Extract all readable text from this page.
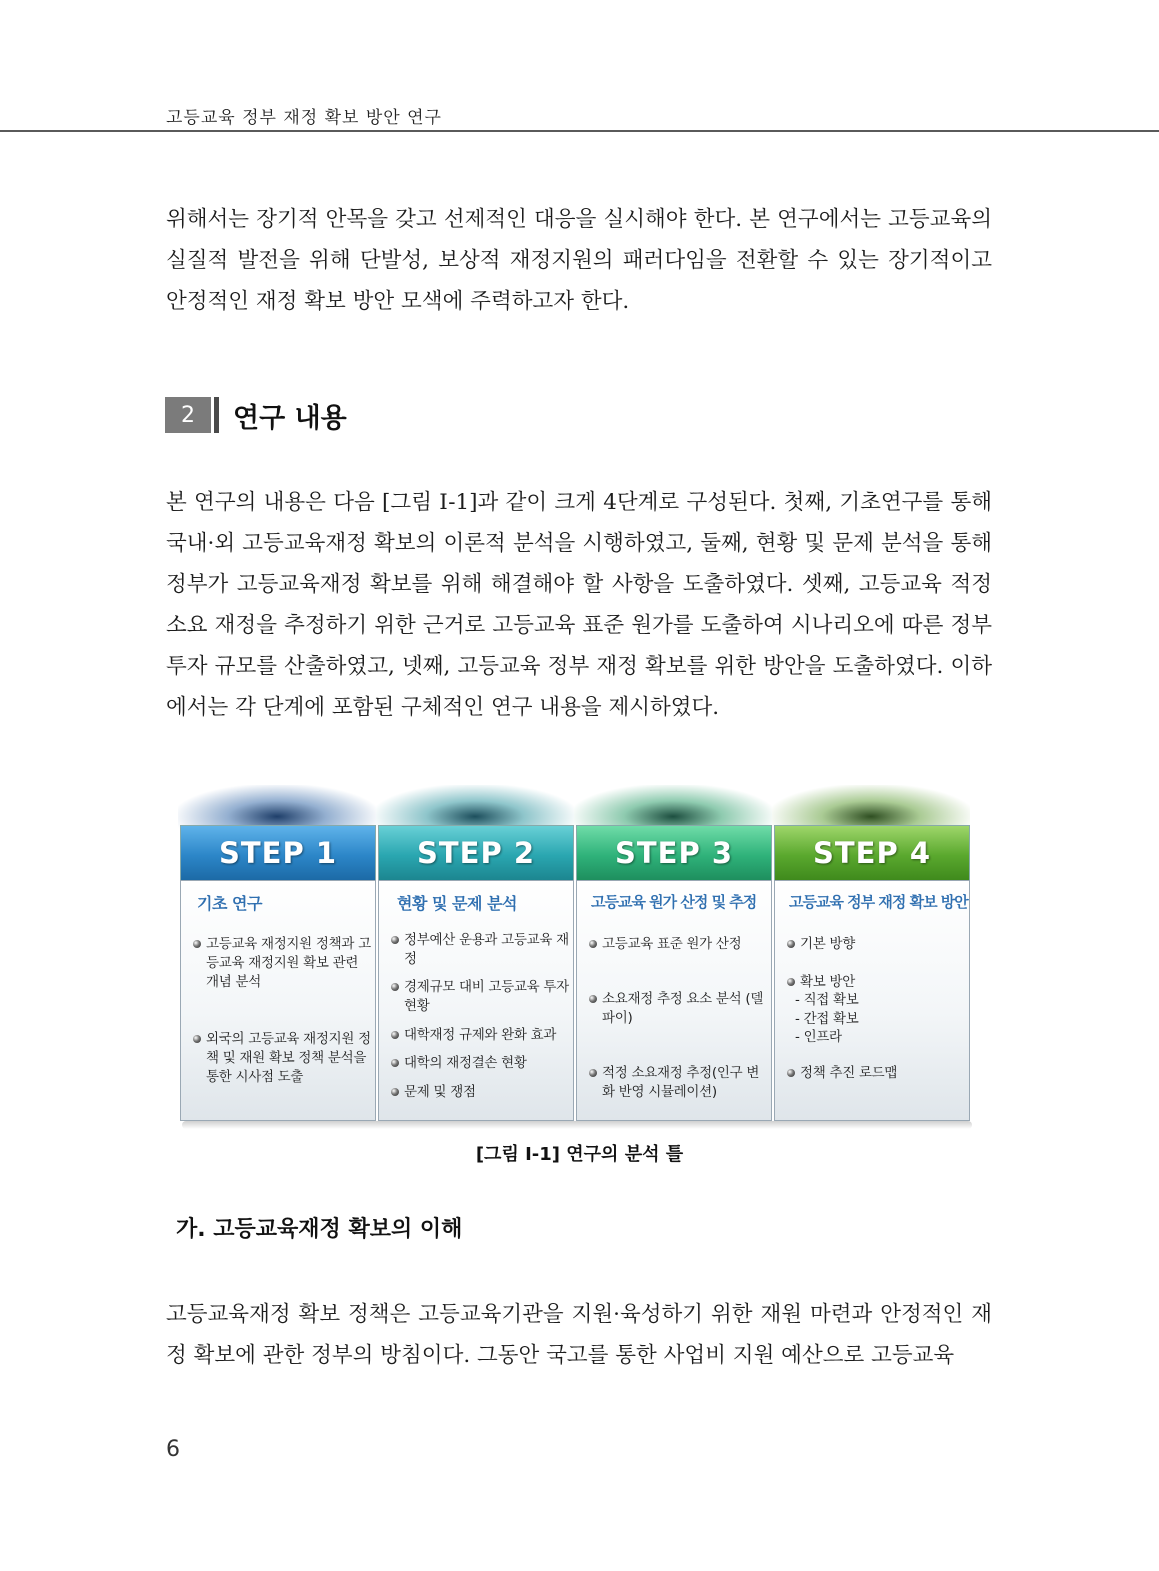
고등교육 정부 재정 확보 방안 연구

위해서는 장기적 안목을 갖고 선제적인 대응을 실시해야 한다. 본 연구에서는 고등교육의 실질적 발전을 위해 단발성, 보상적 재정지원의 패러다임을 전환할 수 있는 장기적이고 안정적인 재정 확보 방안 모색에 주력하고자 한다.

2	연구 내용

본 연구의 내용은 다음 [그림 Ⅰ-1]과 같이 크게 4단계로 구성된다. 첫째, 기초연구를 통해 국내·외 고등교육재정 확보의 이론적 분석을 시행하였고, 둘째, 현황 및 문제 분석을 통해 정부가 고등교육재정 확보를 위해 해결해야 할 사항을 도출하였다. 셋째, 고등교육 적정 소요 재정을 추정하기 위한 근거로 고등교육 표준 원가를 도출하여 시나리오에 따른 정부 투자 규모를 산출하였고, 넷째, 고등교육 정부 재정 확보를 위한 방안을 도출하였다. 이하에서는 각 단계에 포함된 구체적인 연구 내용을 제시하였다.

STEP 1
기초 연구
고등교육 재정지원 정책과 고등교육 재정지원 확보 관련 개념 분석
외국의 고등교육 재정지원 정책 및 재원 확보 정책 분석을 통한 시사점 도출
STEP 2
현황 및 문제 분석
정부예산 운용과 고등교육 재정
경제규모 대비 고등교육 투자 현황
대학재정 규제와 완화 효과
대학의 재정결손 현황
문제 및 쟁점
STEP 3
고등교육 원가 산정 및 추정
고등교육 표준 원가 산정
소요재정 추정 요소 분석 (델파이)
적정 소요재정 추정(인구 변화 반영 시뮬레이션)
STEP 4
고등교육 정부 재정 확보 방안
기본 방향
확보 방안
- 직접 확보
- 간접 확보
- 인프라
정책 추진 로드맵
[그림 Ⅰ-1] 연구의 분석 틀
가. 고등교육재정 확보의 이해

고등교육재정 확보 정책은 고등교육기관을 지원·육성하기 위한 재원 마련과 안정적인 재정 확보에 관한 정부의 방침이다. 그동안 국고를 통한 사업비 지원 예산으로 고등교육

6
